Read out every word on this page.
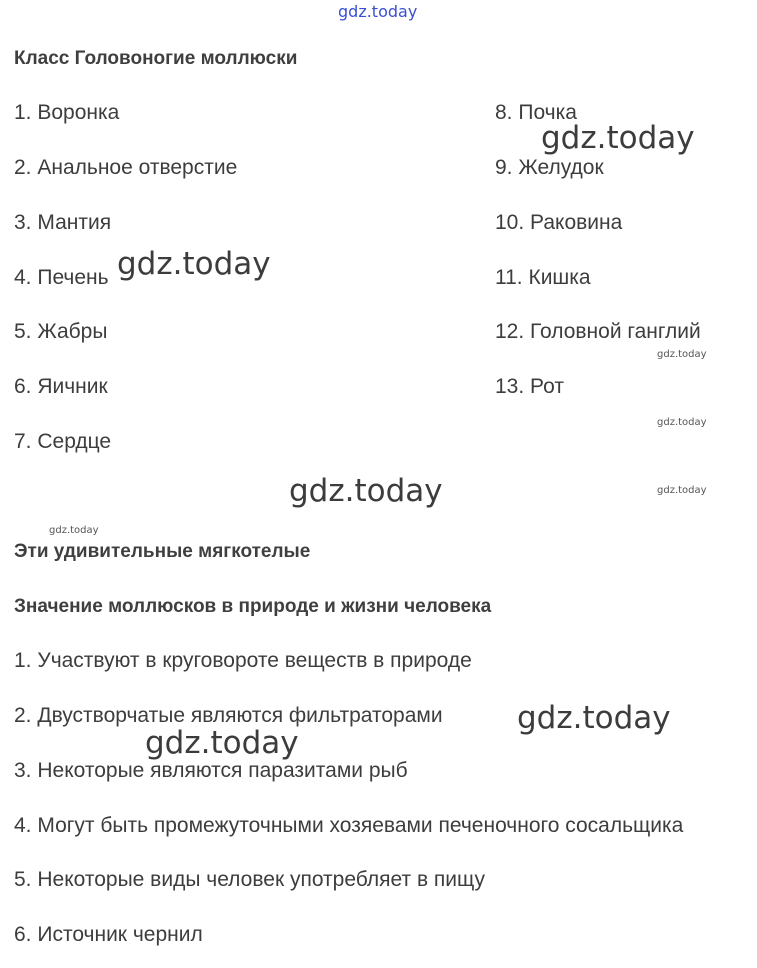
gdz.today
Класс Головоногие моллюски

1. Воронка

2. Анальное отверстие

3. Мантия

4. Печень

5. Жабры

6. Яичник

7. Сердце

8. Почка

9. Желудок

10. Раковина

11. Кишка

12. Головной ганглий

13. Рот

Эти удивительные мягкотелые
Значение моллюсков в природе и жизни человека

1. Участвуют в круговороте веществ в природе

2. Двустворчатые являются фильтраторами

3. Некоторые являются паразитами рыб

4. Могут быть промежуточными хозяевами печеночного сосальщика

5. Некоторые виды человек употребляет в пищу

6. Источник чернил

gdz.today
gdz.today
gdz.today
gdz.today
gdz.today	gdz.today
gdz.today
gdz.today
gdz.today
